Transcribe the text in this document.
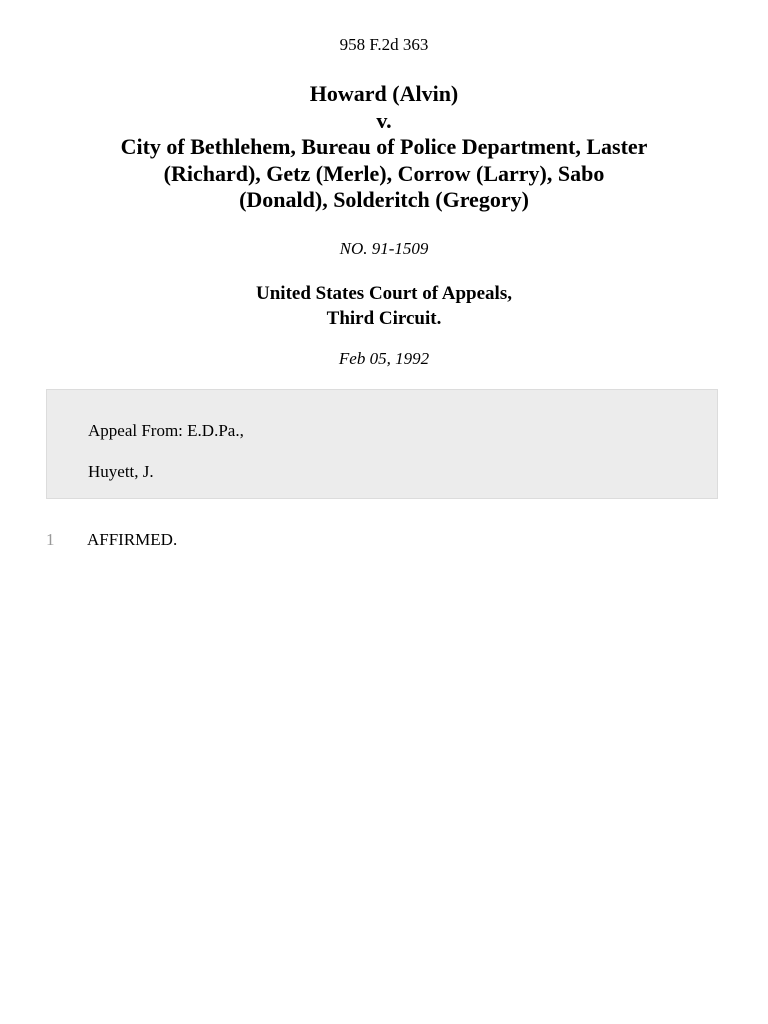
958 F.2d 363
Howard (Alvin)
v.
City of Bethlehem, Bureau of Police Department, Laster
(Richard), Getz (Merle), Corrow (Larry), Sabo
(Donald), Solderitch (Gregory)
NO. 91-1509
United States Court of Appeals,
Third Circuit.
Feb 05, 1992
Appeal From: E.D.Pa.,
Huyett, J.
1	AFFIRMED.
